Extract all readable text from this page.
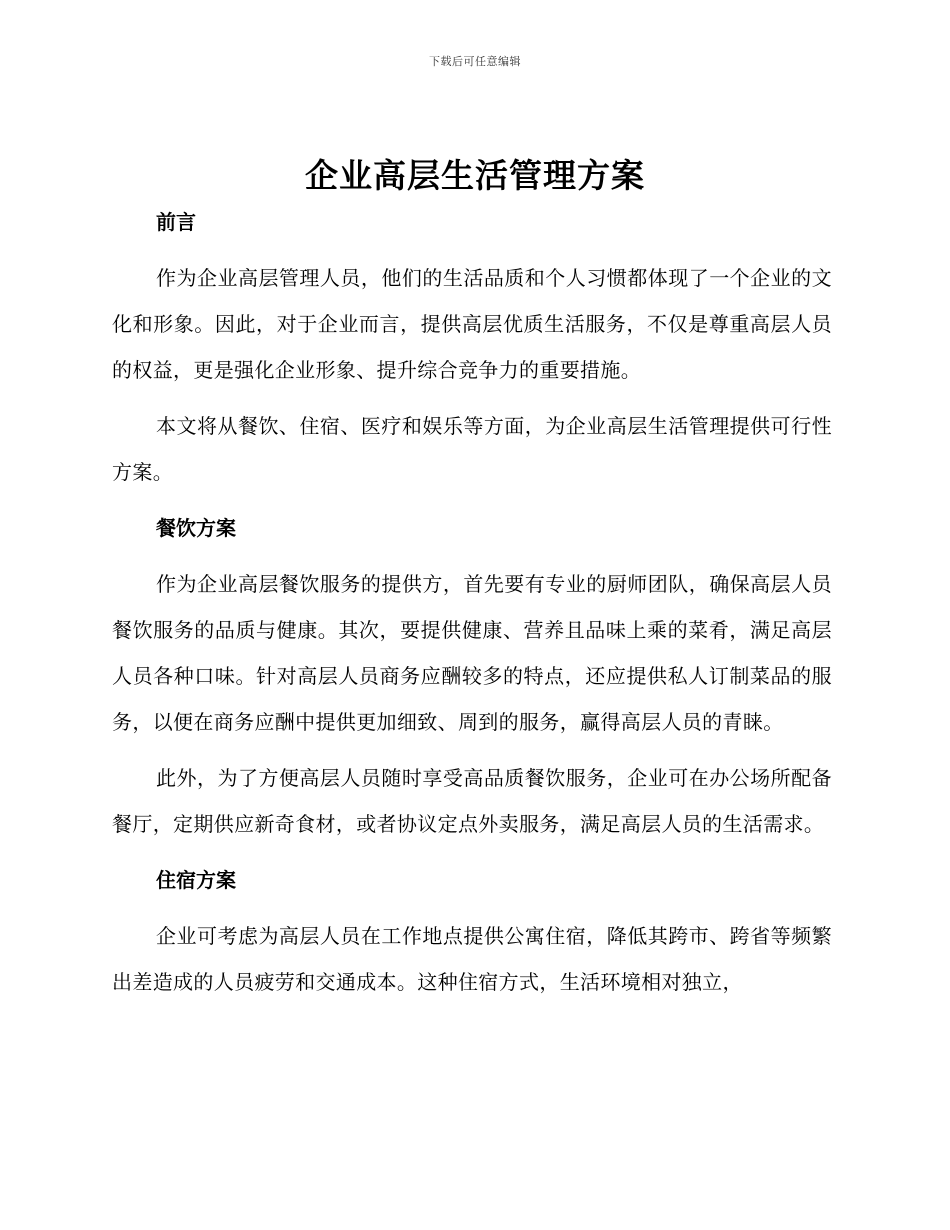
下载后可任意编辑
企业高层生活管理方案
前言

作为企业高层管理人员，他们的生活品质和个人习惯都体现了一个企业的文化和形象。因此，对于企业而言，提供高层优质生活服务，不仅是尊重高层人员的权益，更是强化企业形象、提升综合竞争力的重要措施。

本文将从餐饮、住宿、医疗和娱乐等方面，为企业高层生活管理提供可行性方案。

餐饮方案

作为企业高层餐饮服务的提供方，首先要有专业的厨师团队，确保高层人员餐饮服务的品质与健康。其次，要提供健康、营养且品味上乘的菜肴，满足高层人员各种口味。针对高层人员商务应酬较多的特点，还应提供私人订制菜品的服务，以便在商务应酬中提供更加细致、周到的服务，赢得高层人员的青睐。

此外，为了方便高层人员随时享受高品质餐饮服务，企业可在办公场所配备餐厅，定期供应新奇食材，或者协议定点外卖服务，满足高层人员的生活需求。

住宿方案

企业可考虑为高层人员在工作地点提供公寓住宿，降低其跨市、跨省等频繁出差造成的人员疲劳和交通成本。这种住宿方式，生活环境相对独立，
